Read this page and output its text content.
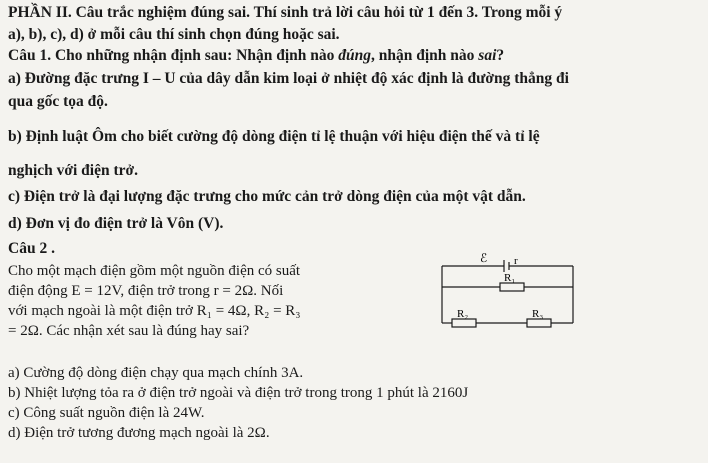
PHẦN II. Câu trắc nghiệm đúng sai. Thí sinh trả lời câu hỏi từ 1 đến 3. Trong mỗi ý
a), b), c), d) ở mỗi câu thí sinh chọn đúng hoặc sai.
Câu 1. Cho những nhận định sau: Nhận định nào đúng, nhận định nào sai?
a) Đường đặc trưng I – U của dây dẫn kim loại ở nhiệt độ xác định là đường thẳng đi
qua gốc tọa độ.
b) Định luật Ôm cho biết cường độ dòng điện tỉ lệ thuận với hiệu điện thế và tỉ lệ
nghịch với điện trở.
c) Điện trở là đại lượng đặc trưng cho mức cản trở dòng điện của một vật dẫn.
d) Đơn vị đo điện trở là Vôn (V).
Câu 2 .
Cho một mạch điện gồm một nguồn điện có suất
điện động E = 12V, điện trở trong r = 2Ω. Nối
với mạch ngoài là một điện trở R₁ = 4Ω, R₂ = R₃
= 2Ω. Các nhận xét sau là đúng hay sai?
ℰ r
R₁
R₂	R₃
a) Cường độ dòng điện chạy qua mạch chính 3A.
b) Nhiệt lượng tỏa ra ở điện trở ngoài và điện trở trong trong 1 phút là 2160J
c) Công suất nguồn điện là 24W.
d) Điện trở tương đương mạch ngoài là 2Ω.
